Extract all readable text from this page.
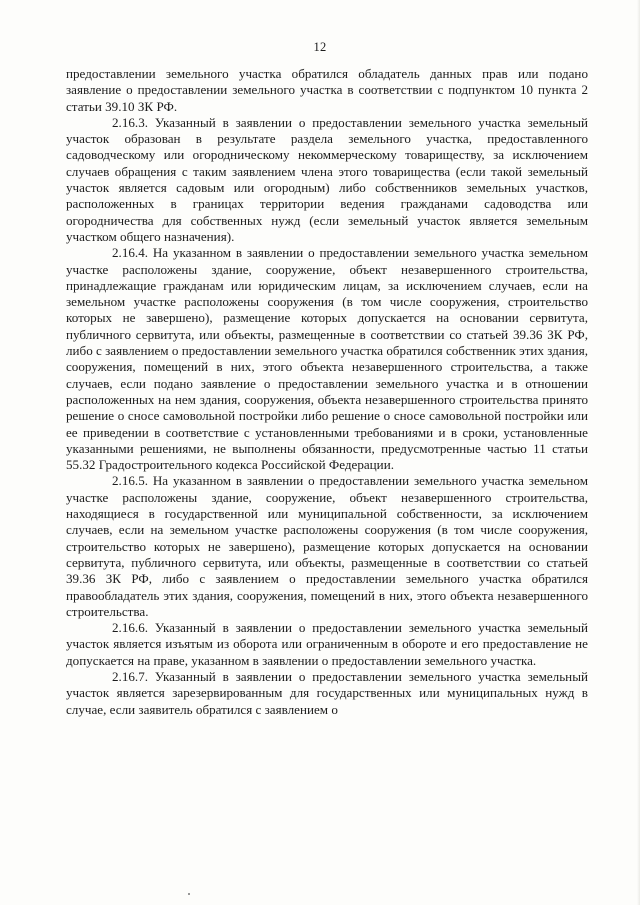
12

предоставлении земельного участка обратился обладатель данных прав или подано заявление о предоставлении земельного участка в соответствии с подпунктом 10 пункта 2 статьи 39.10 ЗК РФ.

2.16.3. Указанный в заявлении о предоставлении земельного участка земельный участок образован в результате раздела земельного участка, предоставленного садоводческому или огородническому некоммерческому товариществу, за исключением случаев обращения с таким заявлением члена этого товарищества (если такой земельный участок является садовым или огородным) либо собственников земельных участков, расположенных в границах территории ведения гражданами садоводства или огородничества для собственных нужд (если земельный участок является земельным участком общего назначения).

2.16.4. На указанном в заявлении о предоставлении земельного участка земельном участке расположены здание, сооружение, объект незавершенного строительства, принадлежащие гражданам или юридическим лицам, за исключением случаев, если на земельном участке расположены сооружения (в том числе сооружения, строительство которых не завершено), размещение которых допускается на основании сервитута, публичного сервитута, или объекты, размещенные в соответствии со статьей 39.36 ЗК РФ, либо с заявлением о предоставлении земельного участка обратился собственник этих здания, сооружения, помещений в них, этого объекта незавершенного строительства, а также случаев, если подано заявление о предоставлении земельного участка и в отношении расположенных на нем здания, сооружения, объекта незавершенного строительства принято решение о сносе самовольной постройки либо решение о сносе самовольной постройки или ее приведении в соответствие с установленными требованиями и в сроки, установленные указанными решениями, не выполнены обязанности, предусмотренные частью 11 статьи 55.32 Градостроительного кодекса Российской Федерации.

2.16.5. На указанном в заявлении о предоставлении земельного участка земельном участке расположены здание, сооружение, объект незавершенного строительства, находящиеся в государственной или муниципальной собственности, за исключением случаев, если на земельном участке расположены сооружения (в том числе сооружения, строительство которых не завершено), размещение которых допускается на основании сервитута, публичного сервитута, или объекты, размещенные в соответствии со статьей 39.36 ЗК РФ, либо с заявлением о предоставлении земельного участка обратился правообладатель этих здания, сооружения, помещений в них, этого объекта незавершенного строительства.

2.16.6. Указанный в заявлении о предоставлении земельного участка земельный участок является изъятым из оборота или ограниченным в обороте и его предоставление не допускается на праве, указанном в заявлении о предоставлении земельного участка.

2.16.7. Указанный в заявлении о предоставлении земельного участка земельный участок является зарезервированным для государственных или муниципальных нужд в случае, если заявитель обратился с заявлением о
